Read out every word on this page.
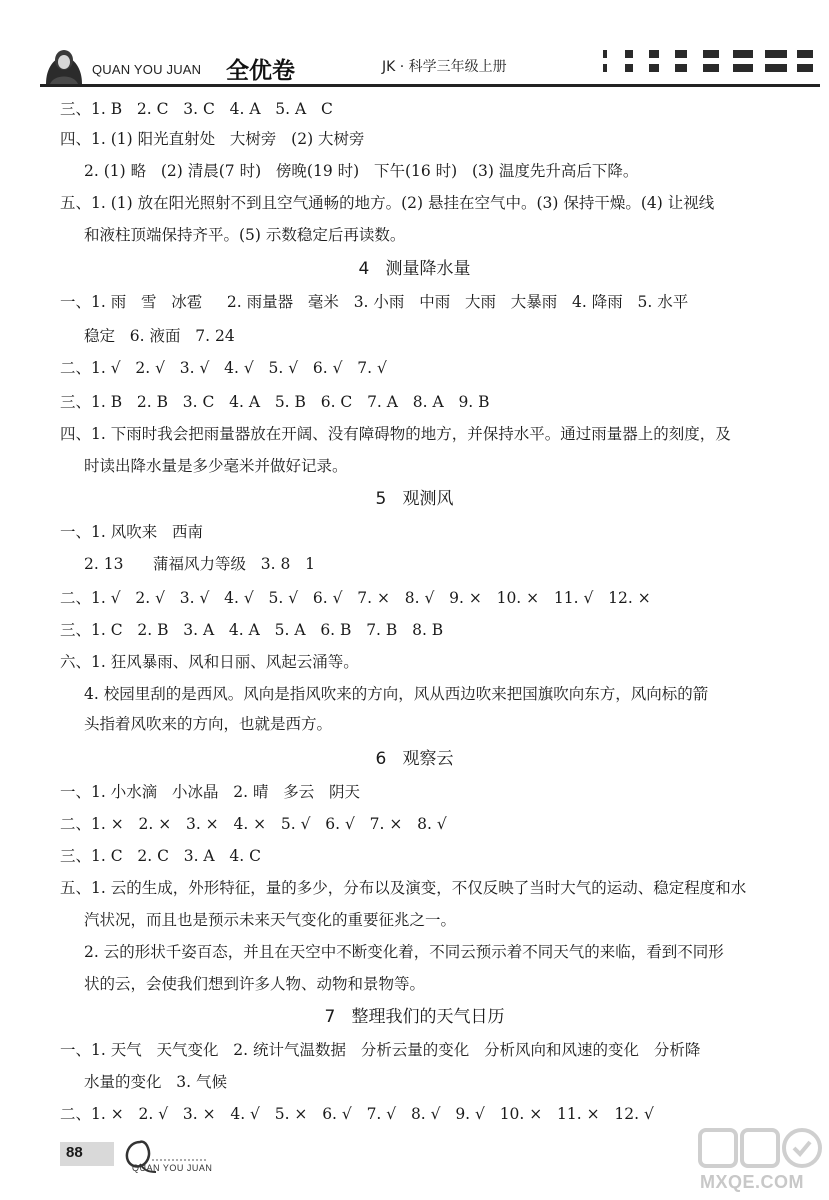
QUAN YOU JUAN 全优卷	JK · 科学三年级上册
三、1. B   2. C   3. C   4. A   5. A   C
四、1. (1) 阳光直射处   大树旁   (2) 大树旁
2. (1) 略   (2) 清晨(7 时)   傍晚(19 时)   下午(16 时)   (3) 温度先升高后下降。
五、1. (1) 放在阳光照射不到且空气通畅的地方。(2) 悬挂在空气中。(3) 保持干燥。(4) 让视线
和液柱顶端保持齐平。(5) 示数稳定后再读数。
4   测量降水量
一、1. 雨   雪   冰雹     2. 雨量器   毫米   3. 小雨   中雨   大雨   大暴雨   4. 降雨   5. 水平
稳定   6. 液面   7. 24
二、1. √   2. √   3. √   4. √   5. √   6. √   7. √
三、1. B   2. B   3. C   4. A   5. B   6. C   7. A   8. A   9. B
四、1. 下雨时我会把雨量器放在开阔、没有障碍物的地方，并保持水平。通过雨量器上的刻度，及
时读出降水量是多少毫米并做好记录。
5   观测风
一、1. 风吹来   西南
2. 13      蒲福风力等级   3. 8   1
二、1. √   2. √   3. √   4. √   5. √   6. √   7. ×   8. √   9. ×   10. ×   11. √   12. ×
三、1. C   2. B   3. A   4. A   5. A   6. B   7. B   8. B
六、1. 狂风暴雨、风和日丽、风起云涌等。
4. 校园里刮的是西风。风向是指风吹来的方向，风从西边吹来把国旗吹向东方，风向标的箭
头指着风吹来的方向，也就是西方。
6   观察云
一、1. 小水滴   小冰晶   2. 晴   多云   阴天
二、1. ×   2. ×   3. ×   4. ×   5. √   6. √   7. ×   8. √
三、1. C   2. C   3. A   4. C
五、1. 云的生成，外形特征，量的多少，分布以及演变，不仅反映了当时大气的运动、稳定程度和水
汽状况，而且也是预示未来天气变化的重要征兆之一。
2. 云的形状千姿百态，并且在天空中不断变化着，不同云预示着不同天气的来临，看到不同形
状的云，会使我们想到许多人物、动物和景物等。
7   整理我们的天气日历
一、1. 天气   天气变化   2. 统计气温数据   分析云量的变化   分析风向和风速的变化   分析降
水量的变化   3. 气候
二、1. ×   2. √   3. ×   4. √   5. ×   6. √   7. √   8. √   9. √   10. ×   11. ×   12. √
88
QUAN YOU JUAN
MXQE.COM
